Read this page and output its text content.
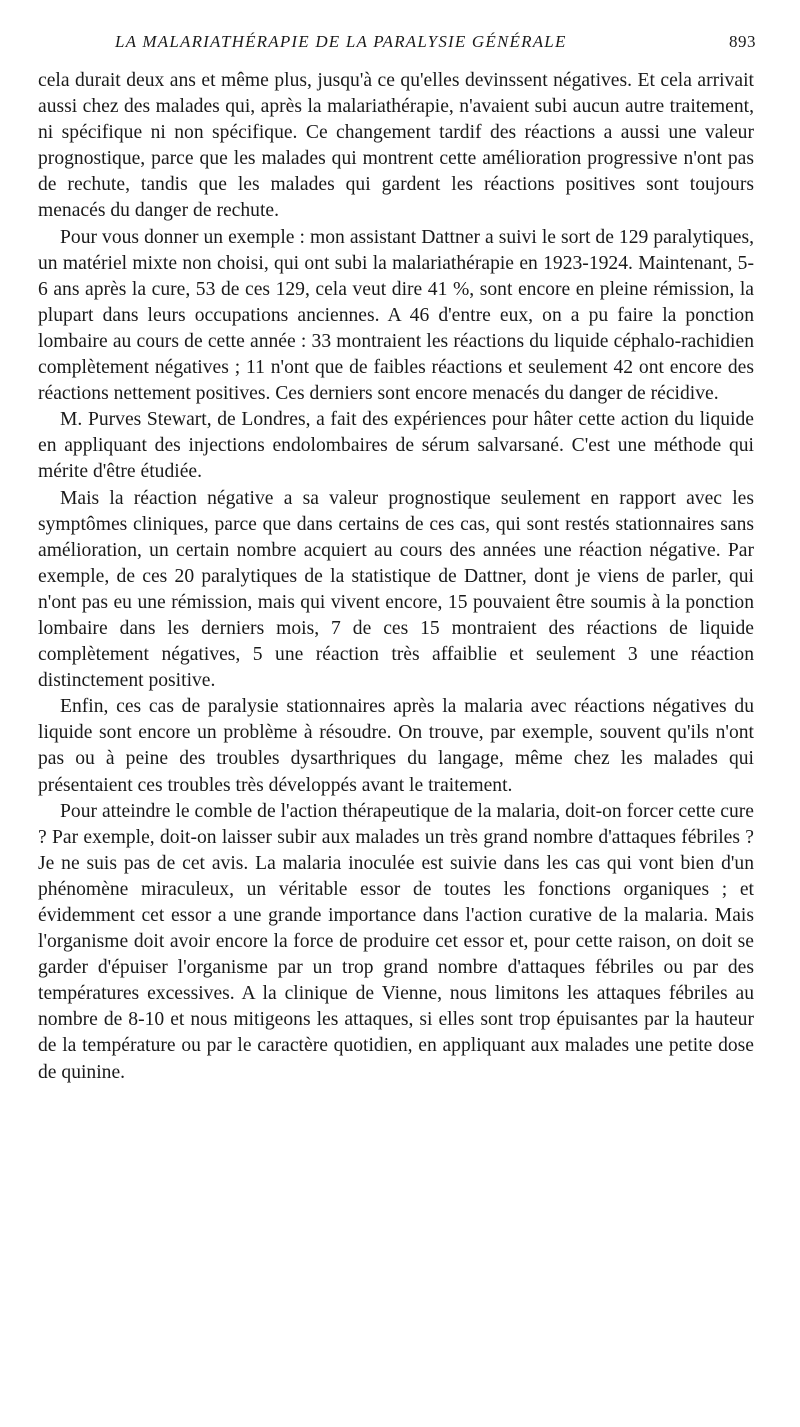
LA MALARIATHÉRAPIE DE LA PARALYSIE GÉNÉRALE	893

cela durait deux ans et même plus, jusqu'à ce qu'elles devinssent négatives. Et cela arrivait aussi chez des malades qui, après la malariathérapie, n'avaient subi aucun autre traitement, ni spécifique ni non spécifique. Ce changement tardif des réactions a aussi une valeur prognostique, parce que les malades qui montrent cette amélioration progressive n'ont pas de rechute, tandis que les malades qui gardent les réactions positives sont toujours menacés du danger de rechute.

Pour vous donner un exemple : mon assistant Dattner a suivi le sort de 129 paralytiques, un matériel mixte non choisi, qui ont subi la malariathérapie en 1923-1924. Maintenant, 5-6 ans après la cure, 53 de ces 129, cela veut dire 41 %, sont encore en pleine rémission, la plupart dans leurs occupations anciennes. A 46 d'entre eux, on a pu faire la ponction lombaire au cours de cette année : 33 montraient les réactions du liquide céphalo-rachidien complètement négatives ; 11 n'ont que de faibles réactions et seulement 42 ont encore des réactions nettement positives. Ces derniers sont encore menacés du danger de récidive.

M. Purves Stewart, de Londres, a fait des expériences pour hâter cette action du liquide en appliquant des injections endolombaires de sérum salvarsané. C'est une méthode qui mérite d'être étudiée.

Mais la réaction négative a sa valeur prognostique seulement en rapport avec les symptômes cliniques, parce que dans certains de ces cas, qui sont restés stationnaires sans amélioration, un certain nombre acquiert au cours des années une réaction négative. Par exemple, de ces 20 paralytiques de la statistique de Dattner, dont je viens de parler, qui n'ont pas eu une rémission, mais qui vivent encore, 15 pouvaient être soumis à la ponction lombaire dans les derniers mois, 7 de ces 15 montraient des réactions de liquide complètement négatives, 5 une réaction très affaiblie et seulement 3 une réaction distinctement positive.

Enfin, ces cas de paralysie stationnaires après la malaria avec réactions négatives du liquide sont encore un problème à résoudre. On trouve, par exemple, souvent qu'ils n'ont pas ou à peine des troubles dysarthriques du langage, même chez les malades qui présentaient ces troubles très développés avant le traitement.

Pour atteindre le comble de l'action thérapeutique de la malaria, doit-on forcer cette cure ? Par exemple, doit-on laisser subir aux malades un très grand nombre d'attaques fébriles ? Je ne suis pas de cet avis. La malaria inoculée est suivie dans les cas qui vont bien d'un phénomène miraculeux, un véritable essor de toutes les fonctions organiques ; et évidemment cet essor a une grande importance dans l'action curative de la malaria. Mais l'organisme doit avoir encore la force de produire cet essor et, pour cette raison, on doit se garder d'épuiser l'organisme par un trop grand nombre d'attaques fébriles ou par des températures excessives. A la clinique de Vienne, nous limitons les attaques fébriles au nombre de 8-10 et nous mitigeons les attaques, si elles sont trop épuisantes par la hauteur de la température ou par le caractère quotidien, en appliquant aux malades une petite dose de quinine.
